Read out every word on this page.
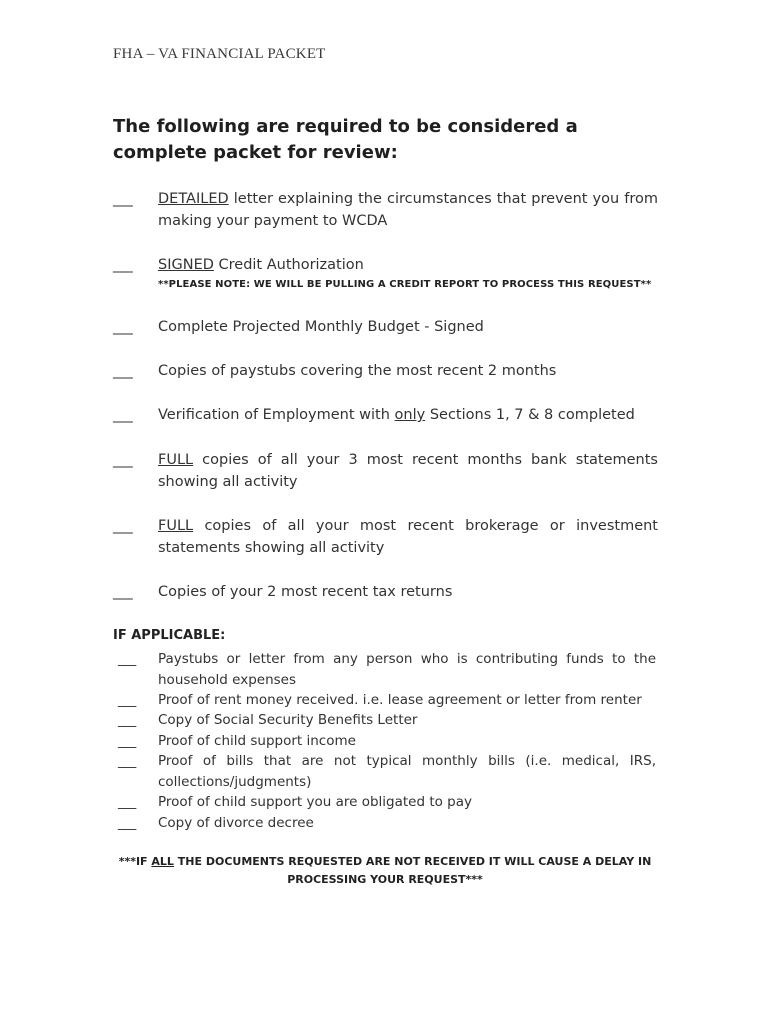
FHA – VA FINANCIAL PACKET
The following are required to be considered a complete packet for review:
___	DETAILED letter explaining the circumstances that prevent you from making your payment to WCDA
___	SIGNED Credit Authorization
**PLEASE NOTE: WE WILL BE PULLING A CREDIT REPORT TO PROCESS THIS REQUEST**
___	Complete Projected Monthly Budget - Signed
___	Copies of paystubs covering the most recent 2 months
___	Verification of Employment with only Sections 1, 7 & 8 completed
___	FULL copies of all your 3 most recent months bank statements showing all activity
___	FULL copies of all your most recent brokerage or investment statements showing all activity
___	Copies of your 2 most recent tax returns
IF APPLICABLE:
___	Paystubs or letter from any person who is contributing funds to the household expenses
___	Proof of rent money received. i.e. lease agreement or letter from renter
___	Copy of Social Security Benefits Letter
___	Proof of child support income
___	Proof of bills that are not typical monthly bills (i.e. medical, IRS, collections/judgments)
___	Proof of child support you are obligated to pay
___	Copy of divorce decree
***IF ALL THE DOCUMENTS REQUESTED ARE NOT RECEIVED IT WILL CAUSE A DELAY IN PROCESSING YOUR REQUEST***
